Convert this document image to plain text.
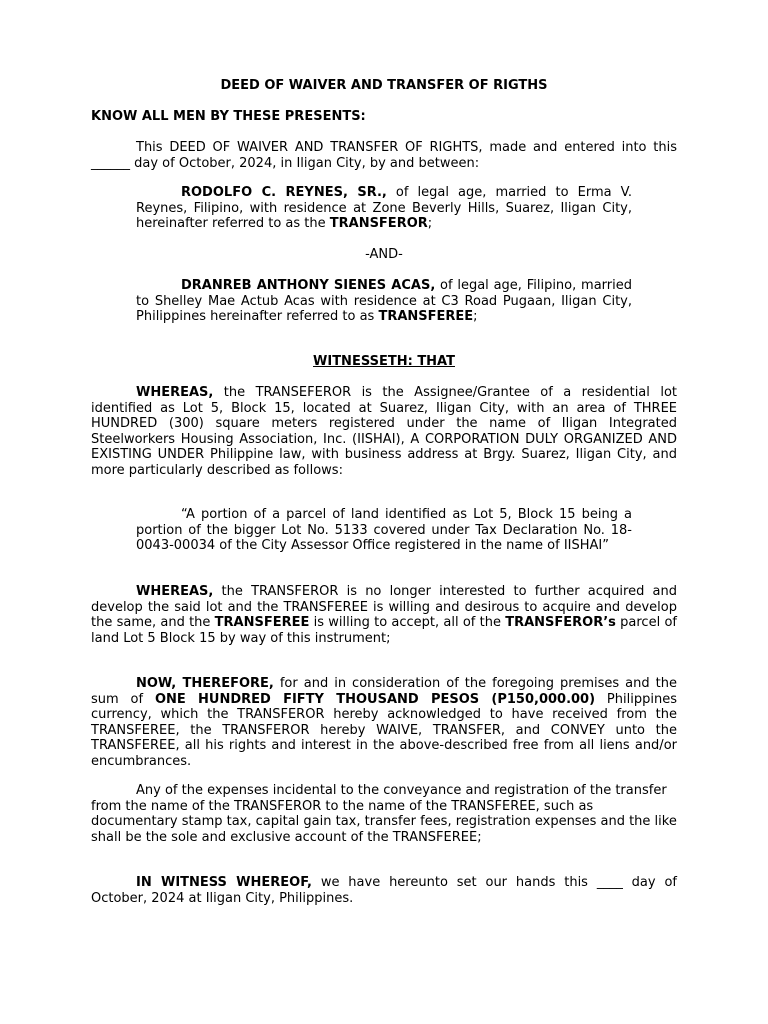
DEED OF WAIVER AND TRANSFER OF RIGTHS

KNOW ALL MEN BY THESE PRESENTS:

This DEED OF WAIVER AND TRANSFER OF RIGHTS, made and entered into this ______ day of October, 2024, in Iligan City, by and between:

RODOLFO C. REYNES, SR., of legal age, married to Erma V. Reynes, Filipino, with residence at Zone Beverly Hills, Suarez, Iligan City, hereinafter referred to as the TRANSFEROR;

-AND-

DRANREB ANTHONY SIENES ACAS, of legal age, Filipino, married to Shelley Mae Actub Acas with residence at C3 Road Pugaan, Iligan City, Philippines hereinafter referred to as TRANSFEREE;

WITNESSETH: THAT

WHEREAS, the TRANSEFEROR is the Assignee/Grantee of a residential lot identified as Lot 5, Block 15, located at Suarez, Iligan City, with an area of THREE HUNDRED (300) square meters registered under the name of Iligan Integrated Steelworkers Housing Association, Inc. (IISHAI), A CORPORATION DULY ORGANIZED AND EXISTING UNDER Philippine law, with business address at Brgy. Suarez, Iligan City, and more particularly described as follows:

“A portion of a parcel of land identified as Lot 5, Block 15 being a portion of the bigger Lot No. 5133 covered under Tax Declaration No. 18-0043-00034 of the City Assessor Office registered in the name of IISHAI”

WHEREAS, the TRANSFEROR is no longer interested to further acquired and develop the said lot and the TRANSFEREE is willing and desirous to acquire and develop the same, and the TRANSFEREE is willing to accept, all of the TRANSFEROR’s parcel of land Lot 5 Block 15 by way of this instrument;

NOW, THEREFORE, for and in consideration of the foregoing premises and the sum of ONE HUNDRED FIFTY THOUSAND PESOS (P150,000.00) Philippines currency, which the TRANSFEROR hereby acknowledged to have received from the TRANSFEREE, the TRANSFEROR hereby WAIVE, TRANSFER, and CONVEY unto the TRANSFEREE, all his rights and interest in the above-described free from all liens and/or encumbrances.

Any of the expenses incidental to the conveyance and registration of the transfer from the name of the TRANSFEROR to the name of the TRANSFEREE, such as documentary stamp tax, capital gain tax, transfer fees, registration expenses and the like shall be the sole and exclusive account of the TRANSFEREE;

IN WITNESS WHEREOF, we have hereunto set our hands this ____ day of October, 2024 at Iligan City, Philippines.
